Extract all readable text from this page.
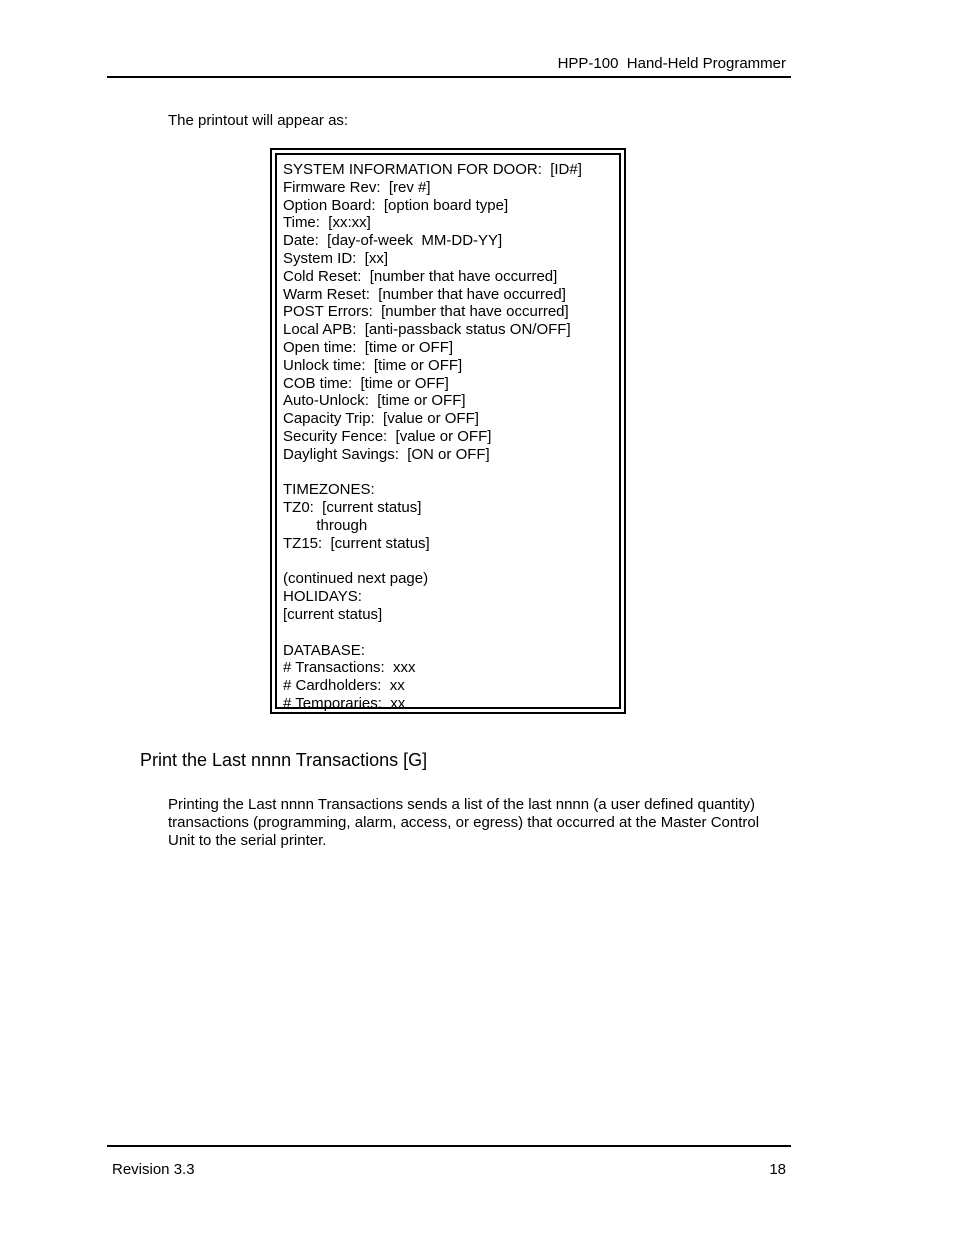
HPP-100  Hand-Held Programmer
The printout will appear as:
SYSTEM INFORMATION FOR DOOR:  [ID#]
Firmware Rev:  [rev #]
Option Board:  [option board type]
Time:  [xx:xx]
Date:  [day-of-week  MM-DD-YY]
System ID:  [xx]
Cold Reset:  [number that have occurred]
Warm Reset:  [number that have occurred]
POST Errors:  [number that have occurred]
Local APB:  [anti-passback status ON/OFF]
Open time:  [time or OFF]
Unlock time:  [time or OFF]
COB time:  [time or OFF]
Auto-Unlock:  [time or OFF]
Capacity Trip:  [value or OFF]
Security Fence:  [value or OFF]
Daylight Savings:  [ON or OFF]
TIMEZONES:
TZ0:  [current status]
through
TZ15:  [current status]
(continued next page)
HOLIDAYS:
[current status]
DATABASE:
# Transactions:  xxx
# Cardholders:  xx
# Temporaries:  xx
Print the Last nnnn Transactions [G]
Printing the Last nnnn Transactions sends a list of the last nnnn (a user defined quantity) transactions (programming, alarm, access, or egress) that occurred at the Master Control Unit to the serial printer.
Revision 3.3	18
